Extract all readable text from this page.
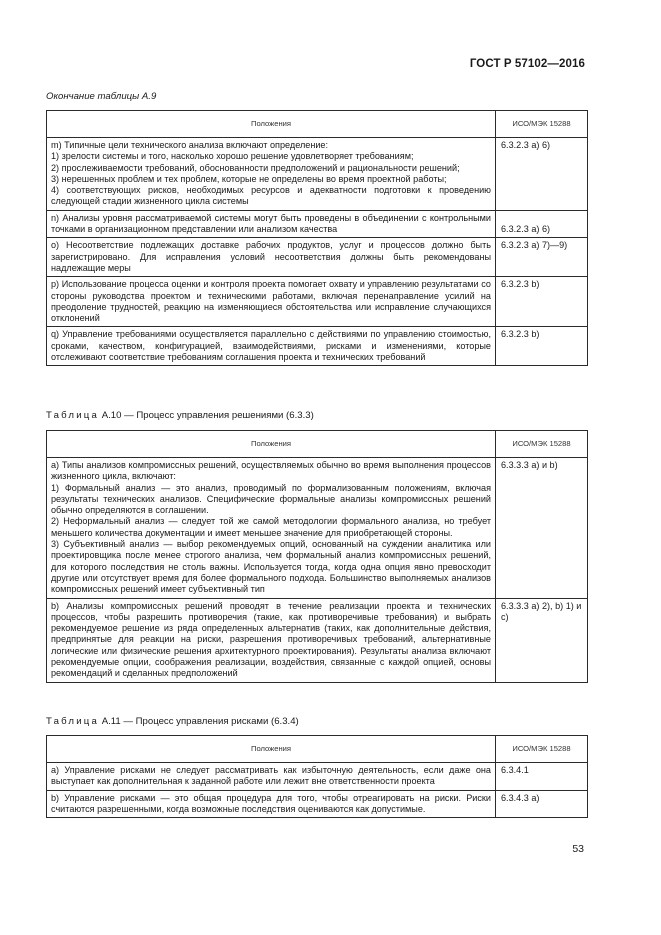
ГОСТ Р 57102—2016
Окончание таблицы А.9
Положения	ИСО/МЭК 15288

m) Типичные цели технического анализа включают определение:
1) зрелости системы и того, насколько хорошо решение удовлетворяет требованиям;
2) прослеживаемости требований, обоснованности предположений и рациональности решений;
3) нерешенных проблем и тех проблем, которые не определены во время проектной работы;
4) соответствующих рисков, необходимых ресурсов и адекватности подготовки к проведению следующей стадии жизненного цикла системы	6.3.2.3 а) 6)
n) Анализы уровня рассматриваемой системы могут быть проведены в объединении с контрольными точками в организационном представлении или анализом качества	6.3.2.3 а) 6)
о) Несоответствие подлежащих доставке рабочих продуктов, услуг и процессов должно быть зарегистрировано. Для исправления условий несоответствия должны быть рекомендованы надлежащие меры	6.3.2.3 а) 7)—9)
р) Использование процесса оценки и контроля проекта помогает охвату и управлению результатами со стороны руководства проектом и техническими работами, включая перенаправление усилий на преодоление трудностей, реакцию на изменяющиеся обстоятельства или исправление случающихся отклонений	6.3.2.3 b)
q) Управление требованиями осуществляется параллельно с действиями по управлению стоимостью, сроками, качеством, конфигурацией, взаимодействиями, рисками и изменениями, которые отслеживают соответствие требованиям соглашения проекта и технических требований	6.3.2.3 b)
Таблица А.10 — Процесс управления решениями (6.3.3)
Положения	ИСО/МЭК 15288

а) Типы анализов компромиссных решений, осуществляемых обычно во время выполнения процессов жизненного цикла, включают:
1) Формальный анализ — это анализ, проводимый по формализованным положениям, включая результаты технических анализов. Специфические формальные анализы компромиссных решений обычно определяются в соглашении.
2) Неформальный анализ — следует той же самой методологии формального анализа, но требует меньшего количества документации и имеет меньшее значение для приобретающей стороны.
3) Субъективный анализ — выбор рекомендуемых опций, основанный на суждении аналитика или проектировщика после менее строгого анализа, чем формальный анализ компромиссных решений, для которого последствия не столь важны. Используется тогда, когда одна опция явно превосходит другие или отсутствует время для более формального подхода. Большинство выполняемых анализов компромиссных решений имеет субъективный тип	6.3.3.3 а) и b)
b) Анализы компромиссных решений проводят в течение реализации проекта и технических процессов, чтобы разрешить противоречия (такие, как противоречивые требования) и выбрать рекомендуемое решение из ряда определенных альтернатив (таких, как дополнительные действия, предпринятые для реакции на риски, разрешения противоречивых требований, альтернативные логические или физические решения архитектурного проектирования). Результаты анализа включают рекомендуемые опции, соображения реализации, воздействия, связанные с каждой опцией, основы рекомендаций и сделанных предположений	6.3.3.3 а) 2), b) 1) и с)
Таблица А.11 — Процесс управления рисками (6.3.4)
Положения	ИСО/МЭК 15288
а) Управление рисками не следует рассматривать как избыточную деятельность, если даже она выступает как дополнительная к заданной работе или лежит вне ответственности проекта	6.3.4.1
b) Управление рисками — это общая процедура для того, чтобы отреагировать на риски. Риски считаются разрешенными, когда возможные последствия оцениваются как допустимые.	6.3.4.3 а)
53
